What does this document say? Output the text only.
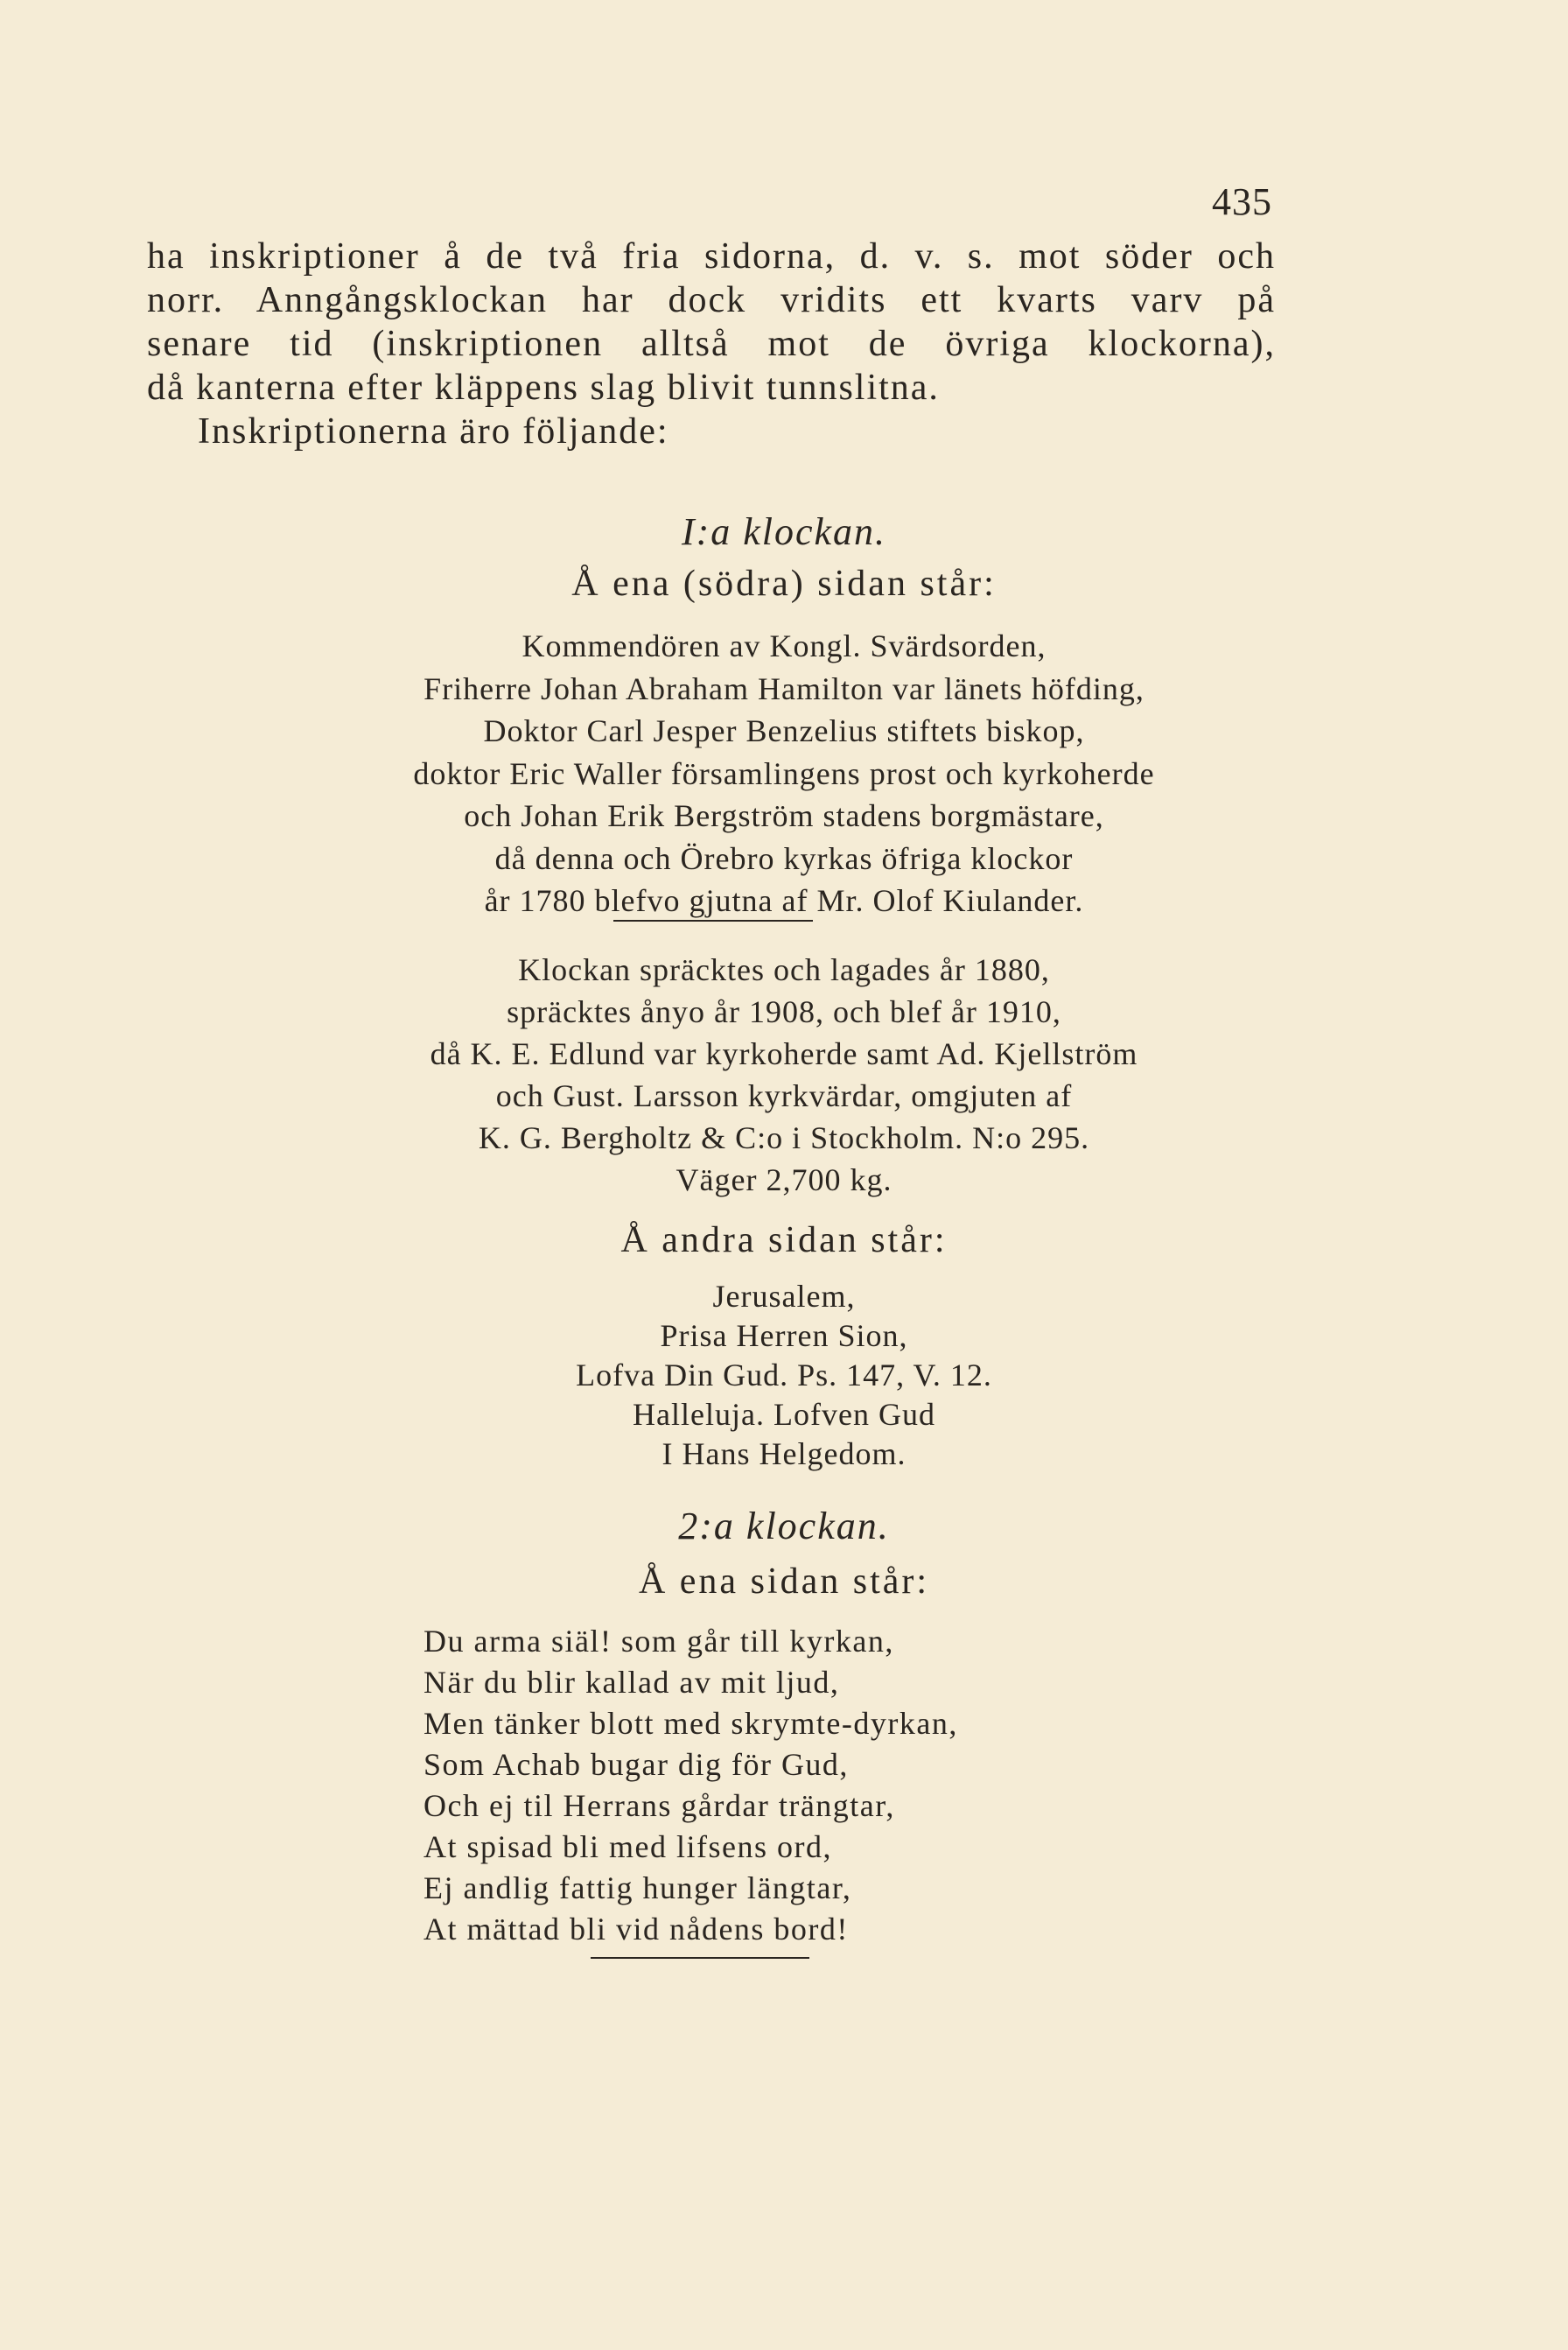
435

ha inskriptioner å de två fria sidorna, d. v. s. mot söder och

norr. Anngångsklockan har dock vridits ett kvarts varv på

senare tid (inskriptionen alltså mot de övriga klockorna),

då kanterna efter kläppens slag blivit tunnslitna.

Inskriptionerna äro följande:

I:a klockan.
Å ena (södra) sidan står:
Kommendören av Kongl. Svärdsorden,
Friherre Johan Abraham Hamilton var länets höfding,
Doktor Carl Jesper Benzelius stiftets biskop,
doktor Eric Waller församlingens prost och kyrkoherde
och Johan Erik Bergström stadens borgmästare,
då denna och Örebro kyrkas öfriga klockor
år 1780 blefvo gjutna af Mr. Olof Kiulander.
Klockan spräcktes och lagades år 1880,
spräcktes ånyo år 1908, och blef år 1910,
då K. E. Edlund var kyrkoherde samt Ad. Kjellström
och Gust. Larsson kyrkvärdar, omgjuten af
K. G. Bergholtz & C:o i Stockholm. N:o 295.
Väger 2,700 kg.
Å andra sidan står:
Jerusalem,
Prisa Herren Sion,
Lofva Din Gud. Ps. 147, V. 12.
Halleluja. Lofven Gud
I Hans Helgedom.
2:a klockan.
Å ena sidan står:
Du arma siäl! som går till kyrkan,
När du blir kallad av mit ljud,
Men tänker blott med skrymte-dyrkan,
Som Achab bugar dig för Gud,
Och ej til Herrans gårdar trängtar,
At spisad bli med lifsens ord,
Ej andlig fattig hunger längtar,
At mättad bli vid nådens bord!
